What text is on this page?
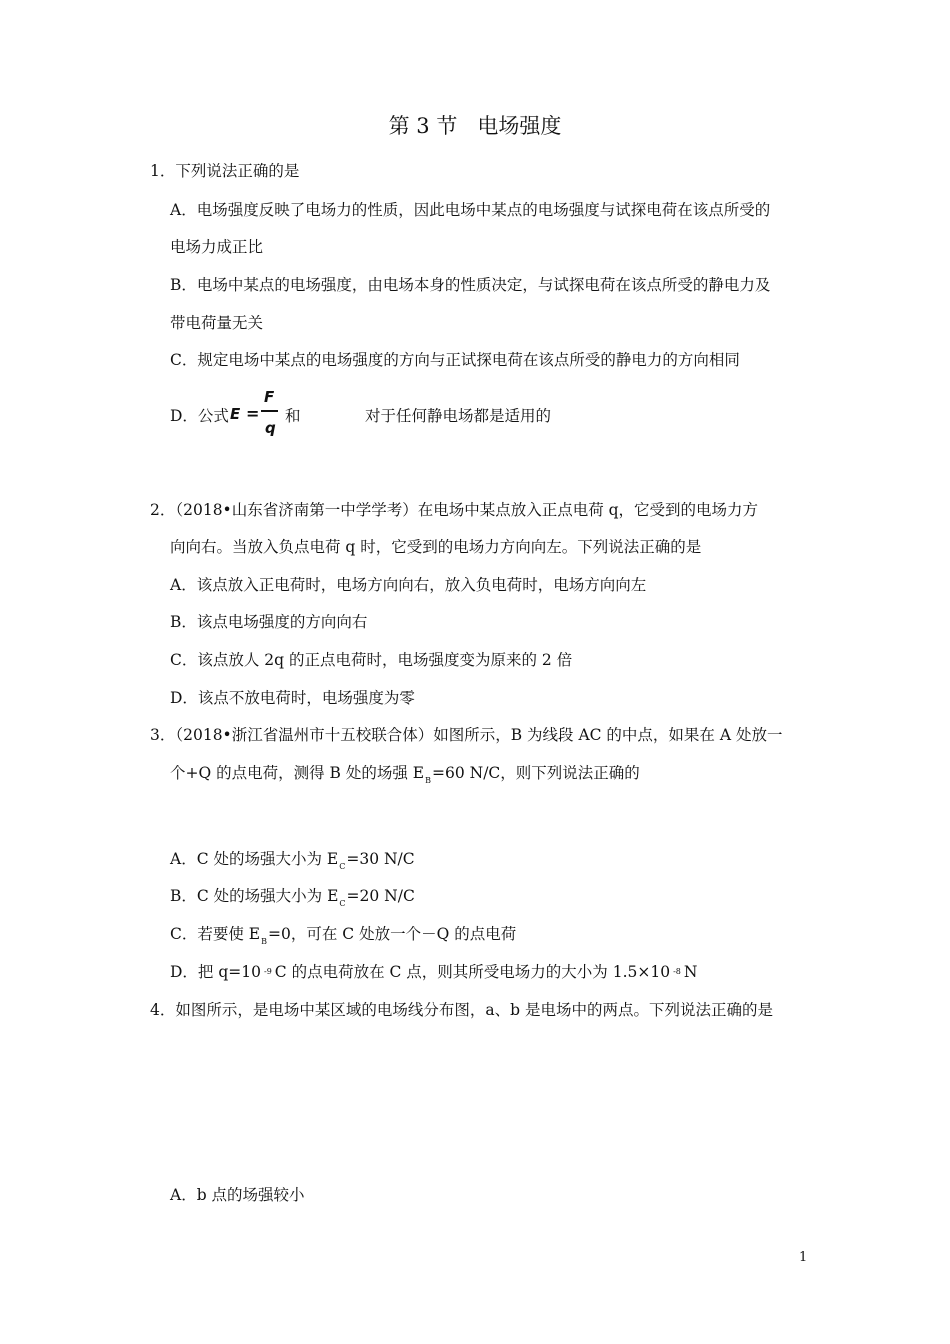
第 3 节   电场强度
1．下列说法正确的是
A．电场强度反映了电场力的性质，因此电场中某点的电场强度与试探电荷在该点所受的
电场力成正比
B．电场中某点的电场强度，由电场本身的性质决定，与试探电荷在该点所受的静电力及
带电荷量无关
C．规定电场中某点的电场强度的方向与正试探电荷在该点所受的静电力的方向相同
D．公式 E =
F
q
和	对于任何静电场都是适用的
2．（2018•山东省济南第一中学学考）在电场中某点放入正点电荷 q，它受到的电场力方
向向右。当放入负点电荷 q 时，它受到的电场力方向向左。下列说法正确的是
A．该点放入正电荷时，电场方向向右，放入负电荷时，电场方向向左
B．该点电场强度的方向向右
C．该点放人 2q 的正点电荷时，电场强度变为原来的 2 倍
D．该点不放电荷时，电场强度为零
3．（2018•浙江省温州市十五校联合体）如图所示，B 为线段 AC 的中点，如果在 A 处放一
个+Q 的点电荷，测得 B 处的场强 $E_B=60$ N/C，则下列说法正确的
A．C 处的场强大小为 $E_C=30$ N/C
B．C 处的场强大小为 $E_C=20$ N/C
C．若要使 $E_B=0$，可在 C 处放一个－Q 的点电荷
D．把 q=10 $^{-9}$ C 的点电荷放在 C 点，则其所受电场力的大小为 1.5×10 $^{-8}$ N
4．如图所示，是电场中某区域的电场线分布图，a、b 是电场中的两点。下列说法正确的是
A．b 点的场强较小
1
